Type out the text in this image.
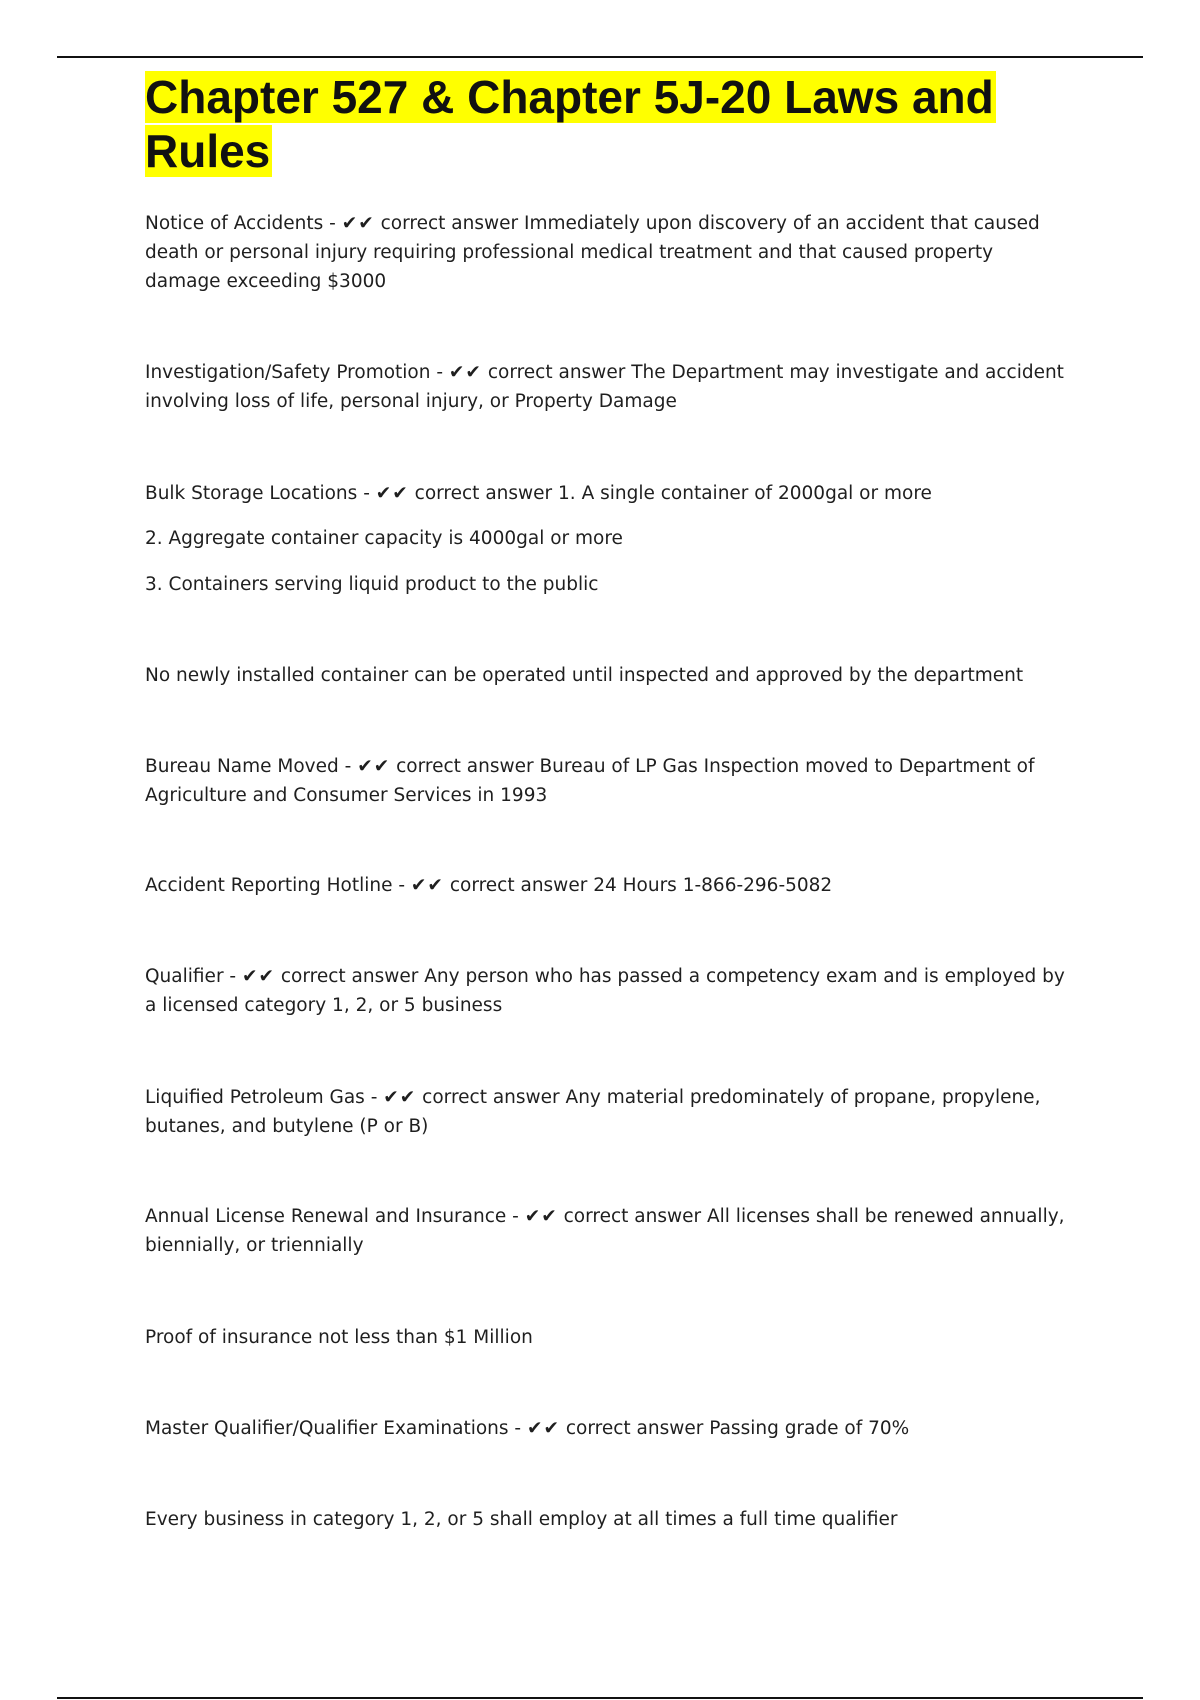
Chapter 527 & Chapter 5J-20 Laws and Rules

Notice of Accidents - ✔✔ correct answer Immediately upon discovery of an accident that caused death or personal injury requiring professional medical treatment and that caused property damage exceeding $3000

Investigation/Safety Promotion - ✔✔ correct answer The Department may investigate and accident involving loss of life, personal injury, or Property Damage

Bulk Storage Locations - ✔✔ correct answer 1. A single container of 2000gal or more

2. Aggregate container capacity is 4000gal or more

3. Containers serving liquid product to the public

No newly installed container can be operated until inspected and approved by the department

Bureau Name Moved - ✔✔ correct answer Bureau of LP Gas Inspection moved to Department of Agriculture and Consumer Services in 1993

Accident Reporting Hotline - ✔✔ correct answer 24 Hours 1-866-296-5082

Qualifier - ✔✔ correct answer Any person who has passed a competency exam and is employed by a licensed category 1, 2, or 5 business

Liquified Petroleum Gas - ✔✔ correct answer Any material predominately of propane, propylene, butanes, and butylene (P or B)

Annual License Renewal and Insurance - ✔✔ correct answer All licenses shall be renewed annually, biennially, or triennially

Proof of insurance not less than $1 Million

Master Qualifier/Qualifier Examinations - ✔✔ correct answer Passing grade of 70%

Every business in category 1, 2, or 5 shall employ at all times a full time qualifier
